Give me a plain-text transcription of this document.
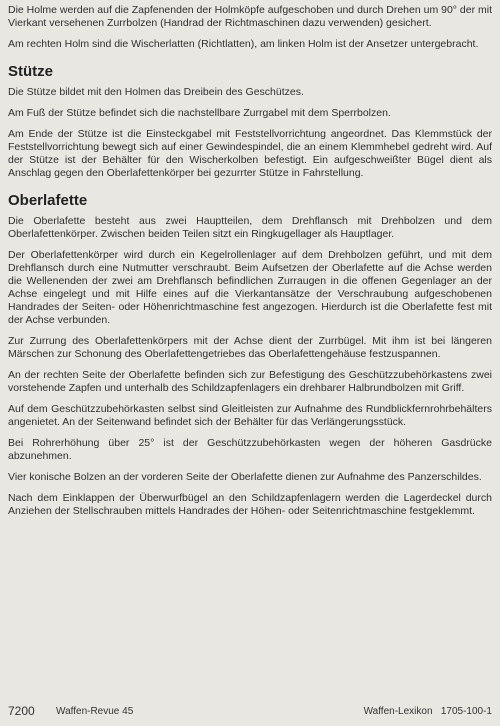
Die Holme werden auf die Zapfenenden der Holmköpfe aufgeschoben und durch Drehen um 90° der mit Vierkant versehenen Zurrbolzen (Handrad der Richtmaschinen dazu verwenden) gesichert.

Am rechten Holm sind die Wischerlatten (Richtlatten), am linken Holm ist der Ansetzer untergebracht.

Stütze

Die Stütze bildet mit den Holmen das Dreibein des Geschützes.

Am Fuß der Stütze befindet sich die nachstellbare Zurrgabel mit dem Sperrbolzen.

Am Ende der Stütze ist die Einsteckgabel mit Feststellvorrichtung angeordnet. Das Klemmstück der Feststellvorrichtung bewegt sich auf einer Gewindespindel, die an einem Klemmhebel gedreht wird. Auf der Stütze ist der Behälter für den Wischerkolben befestigt. Ein aufgeschweißter Bügel dient als Anschlag gegen den Oberlafettenkörper bei gezurrter Stütze in Fahrstellung.

Oberlafette

Die Oberlafette besteht aus zwei Hauptteilen, dem Drehflansch mit Drehbolzen und dem Oberlafettenkörper. Zwischen beiden Teilen sitzt ein Ringkugellager als Hauptlager.

Der Oberlafettenkörper wird durch ein Kegelrollenlager auf dem Drehbolzen geführt, und mit dem Drehflansch durch eine Nutmutter verschraubt. Beim Aufsetzen der Oberlafette auf die Achse werden die Wellenenden der zwei am Drehflansch befindlichen Zurraugen in die offenen Gegenlager an der Achse eingelegt und mit Hilfe eines auf die Vierkantansätze der Verschraubung aufgeschobenen Handrades der Seiten- oder Höhenrichtmaschine fest angezogen. Hierdurch ist die Oberlafette fest mit der Achse verbunden.

Zur Zurrung des Oberlafettenkörpers mit der Achse dient der Zurrbügel. Mit ihm ist bei längeren Märschen zur Schonung des Oberlafettengetriebes das Oberlafettengehäuse festzuspannen.

An der rechten Seite der Oberlafette befinden sich zur Befestigung des Geschützzubehörkastens zwei vorstehende Zapfen und unterhalb des Schildzapfenlagers ein drehbarer Halbrundbolzen mit Griff.

Auf dem Geschützzubehörkasten selbst sind Gleitleisten zur Aufnahme des Rundblickfernrohrbehälters angenietet. An der Seitenwand befindet sich der Behälter für das Verlängerungsstück.

Bei Rohrerhöhung über 25° ist der Geschützzubehörkasten wegen der höheren Gasdrücke abzunehmen.

Vier konische Bolzen an der vorderen Seite der Oberlafette dienen zur Aufnahme des Panzerschildes.

Nach dem Einklappen der Überwurfbügel an den Schildzapfenlagern werden die Lagerdeckel durch Anziehen der Stellschrauben mittels Handrades der Höhen- oder Seitenrichtmaschine festgeklemmt.

7200 Waffen-Revue 45	Waffen-Lexikon   1705-100-1
